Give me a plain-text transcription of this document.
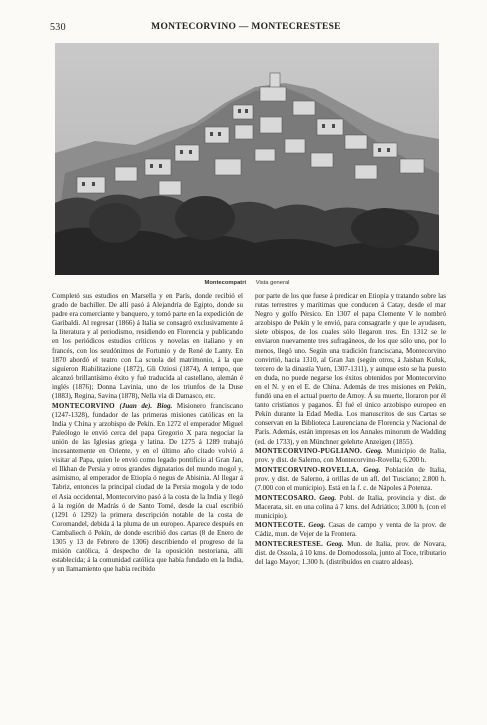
530	MONTECORVINO — MONTECRESTESE
Montecompatri Vista general

Completó sus estudios en Marsella y en París, donde recibió el grado de bachiller. De allí pasó á Alejandría de Egipto, donde su padre era comerciante y banquero, y tomó parte en la expedición de Garibaldi. Al regresar (1866) á Italia se consagró exclusivamente á la literatura y al periodismo, residiendo en Florencia y publicando en los periódicos estudios críticos y novelas en italiano y en francés, con los seudónimos de Fortunio y de René de Lanty. En 1870 abordó el teatro con La scuola del matrimonio, á la que siguieron Riabilitazione (1872), Gli Oziosi (1874), A tempo, que alcanzó brillantísimo éxito y fué traducida al castellano, alemán é inglés (1876); Donna Lavinia, uno de los triunfos de la Duse (1883), Regina, Savina (1878), Nella via di Damasco, etc.

MONTECORVINO (Juan de). Biog. Misionero franciscano (1247-1328), fundador de las primeras misiones católicas en la India y China y arzobispo de Pekín. En 1272 el emperador Miguel Paleólogo le envió cerca del papa Gregorio X para negociar la unión de las Iglesias griega y latina. De 1275 á 1289 trabajó incesantemente en Oriente, y en el último año citado volvió á visitar al Papa, quien le envió como legado pontificio al Gran Jan, el Ilkhan de Persia y otros grandes dignatarios del mundo mogol y, asimismo, al emperador de Etiopía ó negus de Abisinia. Al llegar á Tabriz, entonces la principal ciudad de la Persia mogola y de todo el Asia occidental, Montecorvino pasó á la costa de la India y llegó á la región de Madrás ó de Santo Tomé, desde la cual escribió (1291 ó 1292) la primera descripción notable de la costa de Coromandel, debida á la pluma de un europeo. Aparece después en Cambaliech ó Pekín, de donde escribió dos cartas (8 de Enero de 1305 y 13 de Febrero de 1306) describiendo el progreso de la misión católica, á despecho de la oposición nestoriana, alli establecida; á la comunidad católica que había fundado en la India, y un llamamiento que había recibido

por parte de los que fuese á predicar en Etiopía y tratando sobre las rutas terrestres y marítimas que conducen á Catay, desde el mar Negro y golfo Pérsico. En 1307 el papa Clemente V le nombró arzobispo de Pekín y le envió, para consagrarle y que le ayudasen, siete obispos, de los cuales sólo llegaron tres. En 1312 se le enviaron nuevamente tres sufragáneos, de los que sólo uno, por lo menos, llegó uno. Según una tradición franciscana, Montecorvino convirtió, hacia 1310, al Gran Jan (según otros, á Jaishan Kuluk, tercero de la dinastía Yuen, 1307-1311), y aunque esto se ha puesto en duda, no puede negarse los éxitos obtenidos por Montecorvino en el N. y en el E. de China. Además de tres misiones en Pekín, fundó una en el actual puerto de Amoy. Á su muerte, lloraron por él tanto cristianos y paganos. Él fué el único arzobispo europeo en Pekín durante la Edad Media. Los manuscritos de sus Cartas se conservan en la Biblioteca Laurenciana de Florencia y Nacional de París. Además, están impresas en los Annales minorum de Wadding (ed. de 1733), y en Münchner gelehrte Anzeigen (1855).

MONTECORVINO-PUGLIANO. Geog. Municipio de Italia, prov. y dist. de Salerno, con Montecorvino-Rovella; 6.200 h.

MONTECORVINO-ROVELLA. Geog. Población de Italia, prov. y dist. de Salerno, á orillas de un afl. del Tusciano; 2.800 h. (7.000 con el municipio). Está en la f. c. de Nápoles á Potenza.

MONTECOSARO. Geog. Pobl. de Italia, provincia y dist. de Macerata, sit. en una colina á 7 kms. del Adriático; 3.000 h. (con el municipio).

MONTECOTE. Geog. Casas de campo y venta de la prov. de Cádiz, mun. de Vejer de la Frontera.

MONTECRESTESE. Geog. Mun. de Italia, prov. de Novara, dist. de Ossola, á 10 kms. de Domodossola, junto al Toce, tributario del lago Mayor; 1.300 h. (distribuídos en cuatro aldeas).
